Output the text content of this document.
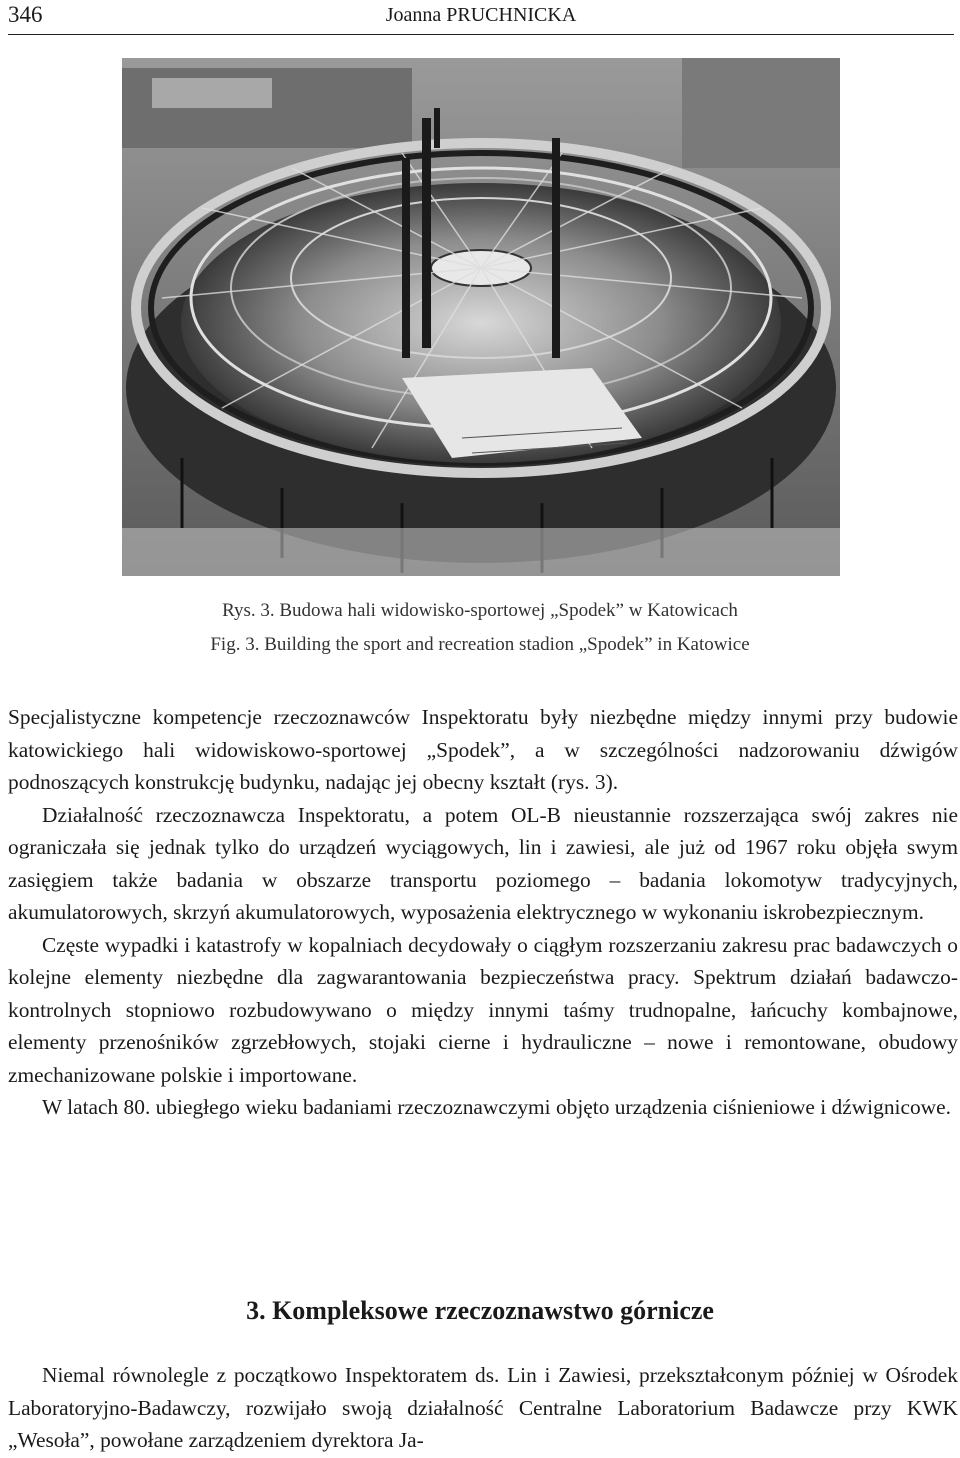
346	Joanna PRUCHNICKA
Rys. 3. Budowa hali widowisko-sportowej „Spodek” w Katowicach
Fig. 3. Building the sport and recreation stadion „Spodek” in Katowice

Specjalistyczne kompetencje rzeczoznawców Inspektoratu były niezbędne między innymi przy budowie katowickiego hali widowiskowo-sportowej „Spodek”, a w szczególności nadzorowaniu dźwigów podnoszących konstrukcję budynku, nadając jej obecny kształt (rys. 3).

Działalność rzeczoznawcza Inspektoratu, a potem OL-B nieustannie rozszerzająca swój zakres nie ograniczała się jednak tylko do urządzeń wyciągowych, lin i zawiesi, ale już od 1967 roku objęła swym zasięgiem także badania w obszarze transportu poziomego – badania lokomotyw tradycyjnych, akumulatorowych, skrzyń akumulatorowych, wyposażenia elektrycznego w wykonaniu iskrobezpiecznym.

Częste wypadki i katastrofy w kopalniach decydowały o ciągłym rozszerzaniu zakresu prac badawczych o kolejne elementy niezbędne dla zagwarantowania bezpieczeństwa pracy. Spektrum działań badawczo-kontrolnych stopniowo rozbudowywano o między innymi taśmy trudnopalne, łańcuchy kombajnowe, elementy przenośników zgrzebłowych, stojaki cierne i hydrauliczne – nowe i remontowane, obudowy zmechanizowane polskie i importowane.

W latach 80. ubiegłego wieku badaniami rzeczoznawczymi objęto urządzenia ciśnieniowe i dźwignicowe.

3. Kompleksowe rzeczoznawstwo górnicze

Niemal równolegle z początkowo Inspektoratem ds. Lin i Zawiesi, przekształconym później w Ośrodek Laboratoryjno-Badawczy, rozwijało swoją działalność Centralne Laboratorium Badawcze przy KWK „Wesoła”, powołane zarządzeniem dyrektora Ja-
